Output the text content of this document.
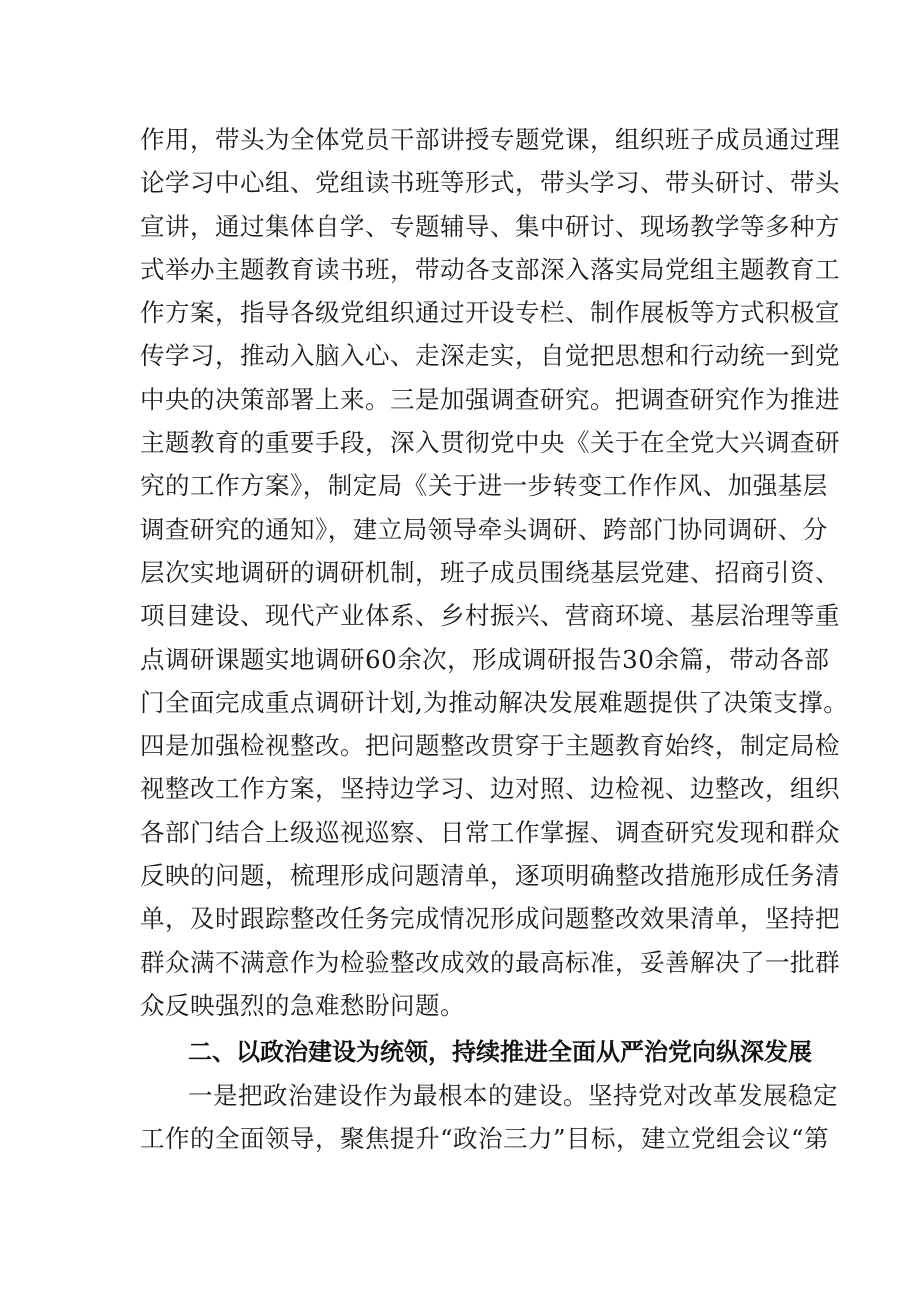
作用，带头为全体党员干部讲授专题党课，组织班子成员通过理
论学习中心组、党组读书班等形式，带头学习、带头研讨、带头
宣讲，通过集体自学、专题辅导、集中研讨、现场教学等多种方
式举办主题教育读书班，带动各支部深入落实局党组主题教育工
作方案，指导各级党组织通过开设专栏、制作展板等方式积极宣
传学习，推动入脑入心、走深走实，自觉把思想和行动统一到党
中央的决策部署上来。三是加强调查研究。把调查研究作为推进
主题教育的重要手段，深入贯彻党中央《关于在全党大兴调查研
究的工作方案》，制定局《关于进一步转变工作作风、加强基层
调查研究的通知》，建立局领导牵头调研、跨部门协同调研、分
层次实地调研的调研机制，班子成员围绕基层党建、招商引资、
项目建设、现代产业体系、乡村振兴、营商环境、基层治理等重
点调研课题实地调研60余次，形成调研报告30余篇，带动各部
门全面完成重点调研计划,为推动解决发展难题提供了决策支撑。
四是加强检视整改。把问题整改贯穿于主题教育始终，制定局检
视整改工作方案，坚持边学习、边对照、边检视、边整改，组织
各部门结合上级巡视巡察、日常工作掌握、调查研究发现和群众
反映的问题，梳理形成问题清单，逐项明确整改措施形成任务清
单，及时跟踪整改任务完成情况形成问题整改效果清单，坚持把
群众满不满意作为检验整改成效的最高标准，妥善解决了一批群
众反映强烈的急难愁盼问题。
二、以政治建设为统领，持续推进全面从严治党向纵深发展
一是把政治建设作为最根本的建设。坚持党对改革发展稳定
工作的全面领导，聚焦提升“政治三力”目标，建立党组会议“第
